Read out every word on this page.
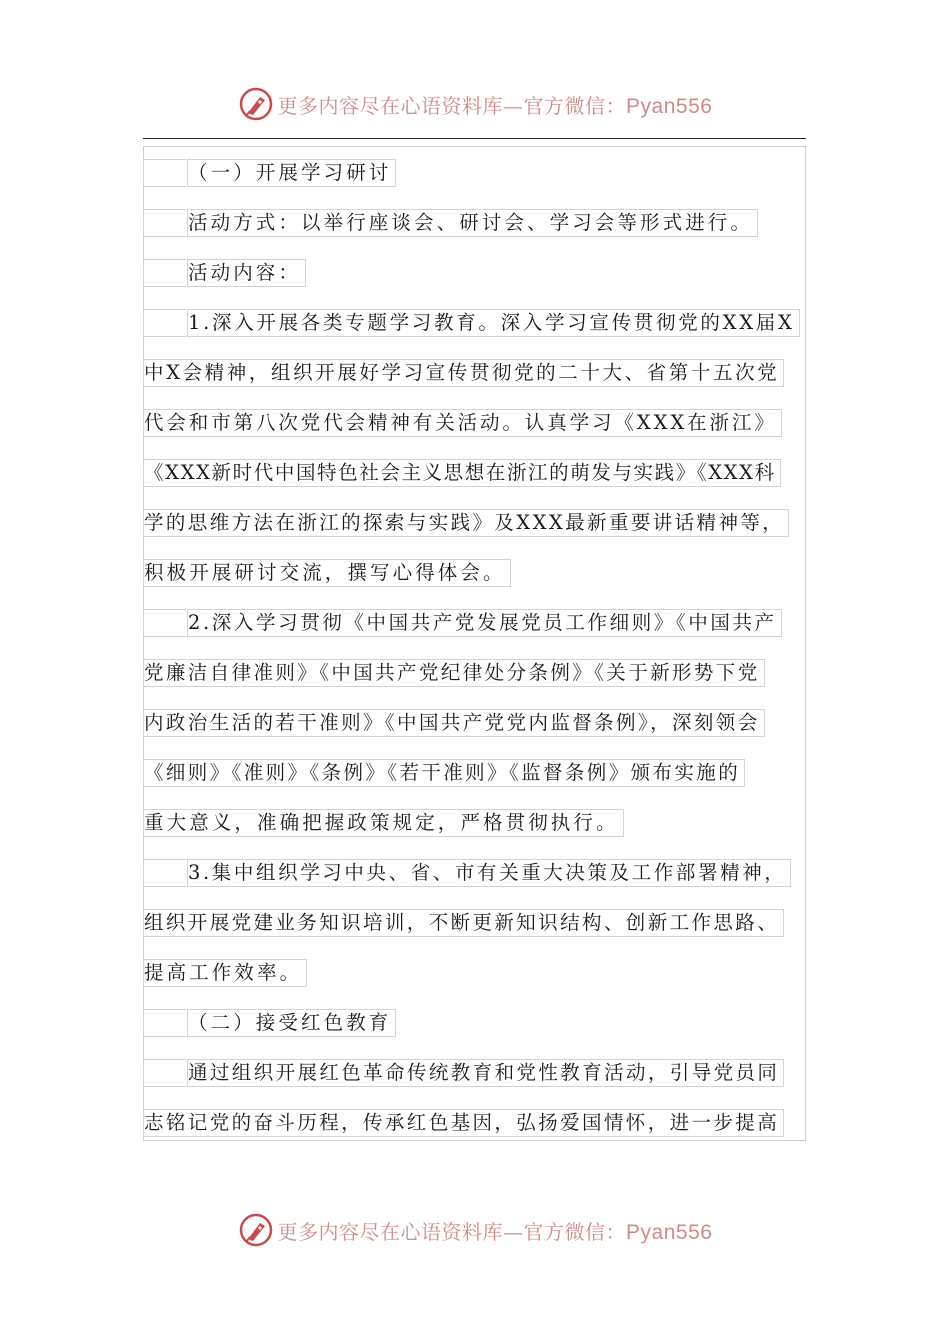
更多内容尽在心语资料库—官方微信：Pyan556
（一）开展学习研讨
活动方式：以举行座谈会、研讨会、学习会等形式进行。
活动内容：
1.深入开展各类专题学习教育。深入学习宣传贯彻党的XX届X
中X会精神，组织开展好学习宣传贯彻党的二十大、省第十五次党
代会和市第八次党代会精神有关活动。认真学习《XXX在浙江》
《XXX新时代中国特色社会主义思想在浙江的萌发与实践》《XXX科
学的思维方法在浙江的探索与实践》及XXX最新重要讲话精神等，
积极开展研讨交流，撰写心得体会。
2.深入学习贯彻《中国共产党发展党员工作细则》《中国共产
党廉洁自律准则》《中国共产党纪律处分条例》《关于新形势下党
内政治生活的若干准则》《中国共产党党内监督条例》，深刻领会
《细则》《准则》《条例》《若干准则》《监督条例》颁布实施的
重大意义，准确把握政策规定，严格贯彻执行。
3.集中组织学习中央、省、市有关重大决策及工作部署精神，
组织开展党建业务知识培训，不断更新知识结构、创新工作思路、
提高工作效率。
（二）接受红色教育
通过组织开展红色革命传统教育和党性教育活动，引导党员同
志铭记党的奋斗历程，传承红色基因，弘扬爱国情怀，进一步提高
更多内容尽在心语资料库—官方微信：Pyan556
